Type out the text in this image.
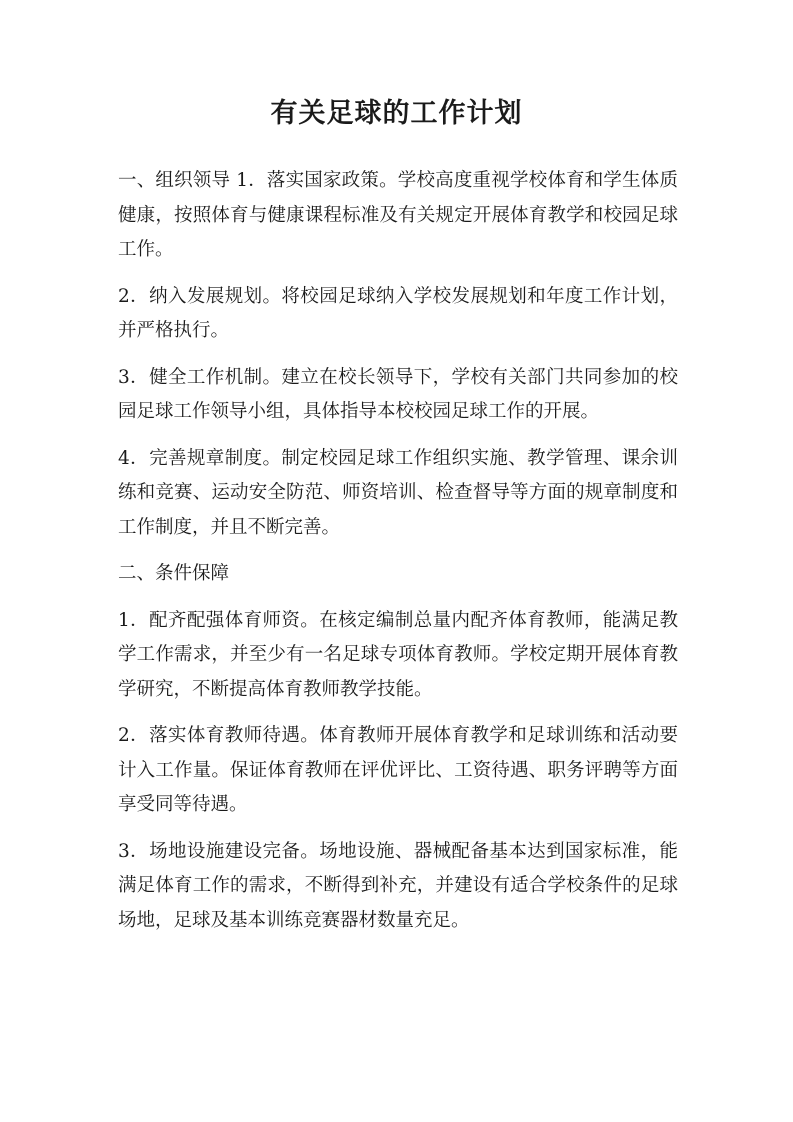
有关足球的工作计划

一、组织领导 1．落实国家政策。学校高度重视学校体育和学生体质健康，按照体育与健康课程标准及有关规定开展体育教学和校园足球工作。

2．纳入发展规划。将校园足球纳入学校发展规划和年度工作计划，并严格执行。

3．健全工作机制。建立在校长领导下，学校有关部门共同参加的校园足球工作领导小组，具体指导本校校园足球工作的开展。

4．完善规章制度。制定校园足球工作组织实施、教学管理、课余训练和竞赛、运动安全防范、师资培训、检查督导等方面的规章制度和工作制度，并且不断完善。

二、条件保障

1．配齐配强体育师资。在核定编制总量内配齐体育教师，能满足教学工作需求，并至少有一名足球专项体育教师。学校定期开展体育教学研究，不断提高体育教师教学技能。

2．落实体育教师待遇。体育教师开展体育教学和足球训练和活动要计入工作量。保证体育教师在评优评比、工资待遇、职务评聘等方面享受同等待遇。

3．场地设施建设完备。场地设施、器械配备基本达到国家标准，能满足体育工作的需求，不断得到补充，并建设有适合学校条件的足球场地，足球及基本训练竞赛器材数量充足。
